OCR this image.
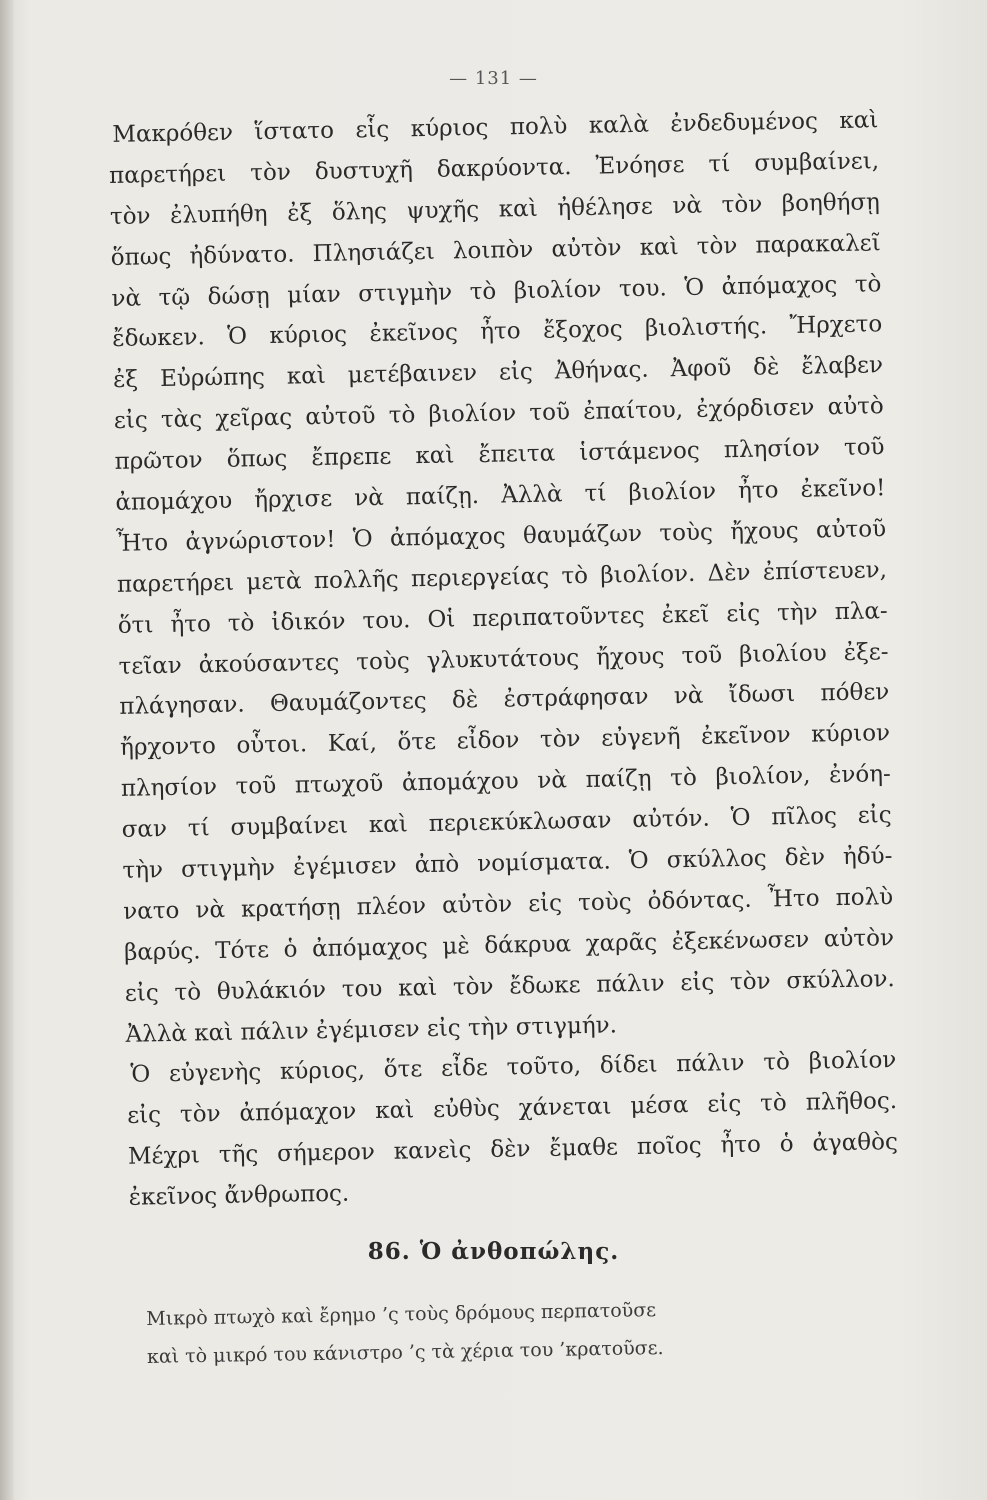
— 131 —
Μακρόθεν ἵστατο εἷς κύριος πολὺ καλὰ ἐνδεδυμένος καὶ
παρετήρει τὸν δυστυχῆ δακρύοντα. Ἐνόησε τί συμβαίνει,
τὸν ἐλυπήθη ἐξ ὅλης ψυχῆς καὶ ἠθέλησε νὰ τὸν βοηθήσῃ
ὅπως ἠδύνατο. Πλησιάζει λοιπὸν αὐτὸν καὶ τὸν παρακαλεῖ
νὰ τῷ δώσῃ μίαν στιγμὴν τὸ βιολίον του. Ὁ ἀπόμαχος τὸ
ἔδωκεν. Ὁ κύριος ἐκεῖνος ἦτο ἔξοχος βιολιστής. Ἤρχετο
ἐξ Εὐρώπης καὶ μετέβαινεν εἰς Ἀθήνας. Ἀφοῦ δὲ ἔλαβεν
εἰς τὰς χεῖρας αὐτοῦ τὸ βιολίον τοῦ ἐπαίτου, ἐχόρδισεν αὐτὸ
πρῶτον ὅπως ἔπρεπε καὶ ἔπειτα ἱστάμενος πλησίον τοῦ
ἀπομάχου ἤρχισε νὰ παίζῃ. Ἀλλὰ τί βιολίον ἦτο ἐκεῖνο!
Ἦτο ἀγνώριστον! Ὁ ἀπόμαχος θαυμάζων τοὺς ἤχους αὐτοῦ
παρετήρει μετὰ πολλῆς περιεργείας τὸ βιολίον. Δὲν ἐπίστευεν,
ὅτι ἦτο τὸ ἰδικόν του. Οἱ περιπατοῦντες ἐκεῖ εἰς τὴν πλα-
τεῖαν ἀκούσαντες τοὺς γλυκυτάτους ἤχους τοῦ βιολίου ἐξε-
πλάγησαν. Θαυμάζοντες δὲ ἐστράφησαν νὰ ἴδωσι πόθεν
ἤρχοντο οὗτοι. Καί, ὅτε εἶδον τὸν εὐγενῆ ἐκεῖνον κύριον
πλησίον τοῦ πτωχοῦ ἀπομάχου νὰ παίζῃ τὸ βιολίον, ἐνόη-
σαν τί συμβαίνει καὶ περιεκύκλωσαν αὐτόν. Ὁ πῖλος εἰς
τὴν στιγμὴν ἐγέμισεν ἀπὸ νομίσματα. Ὁ σκύλλος δὲν ἠδύ-
νατο νὰ κρατήσῃ πλέον αὐτὸν εἰς τοὺς ὀδόντας. Ἦτο πολὺ
βαρύς. Τότε ὁ ἀπόμαχος μὲ δάκρυα χαρᾶς ἐξεκένωσεν αὐτὸν
εἰς τὸ θυλάκιόν του καὶ τὸν ἔδωκε πάλιν εἰς τὸν σκύλλον.
Ἀλλὰ καὶ πάλιν ἐγέμισεν εἰς τὴν στιγμήν.
Ὁ εὐγενὴς κύριος, ὅτε εἶδε τοῦτο, δίδει πάλιν τὸ βιολίον
εἰς τὸν ἀπόμαχον καὶ εὐθὺς χάνεται μέσα εἰς τὸ πλῆθος.
Μέχρι τῆς σήμερον κανεὶς δὲν ἔμαθε ποῖος ἦτο ὁ ἀγαθὸς
ἐκεῖνος ἄνθρωπος.
86. Ὁ ἀνθοπώλης.
Μικρὸ πτωχὸ καὶ ἔρημο ’ς τοὺς δρόμους περπατοῦσε
καὶ τὸ μικρό του κάνιστρο ’ς τὰ χέρια του ’κρατοῦσε.
